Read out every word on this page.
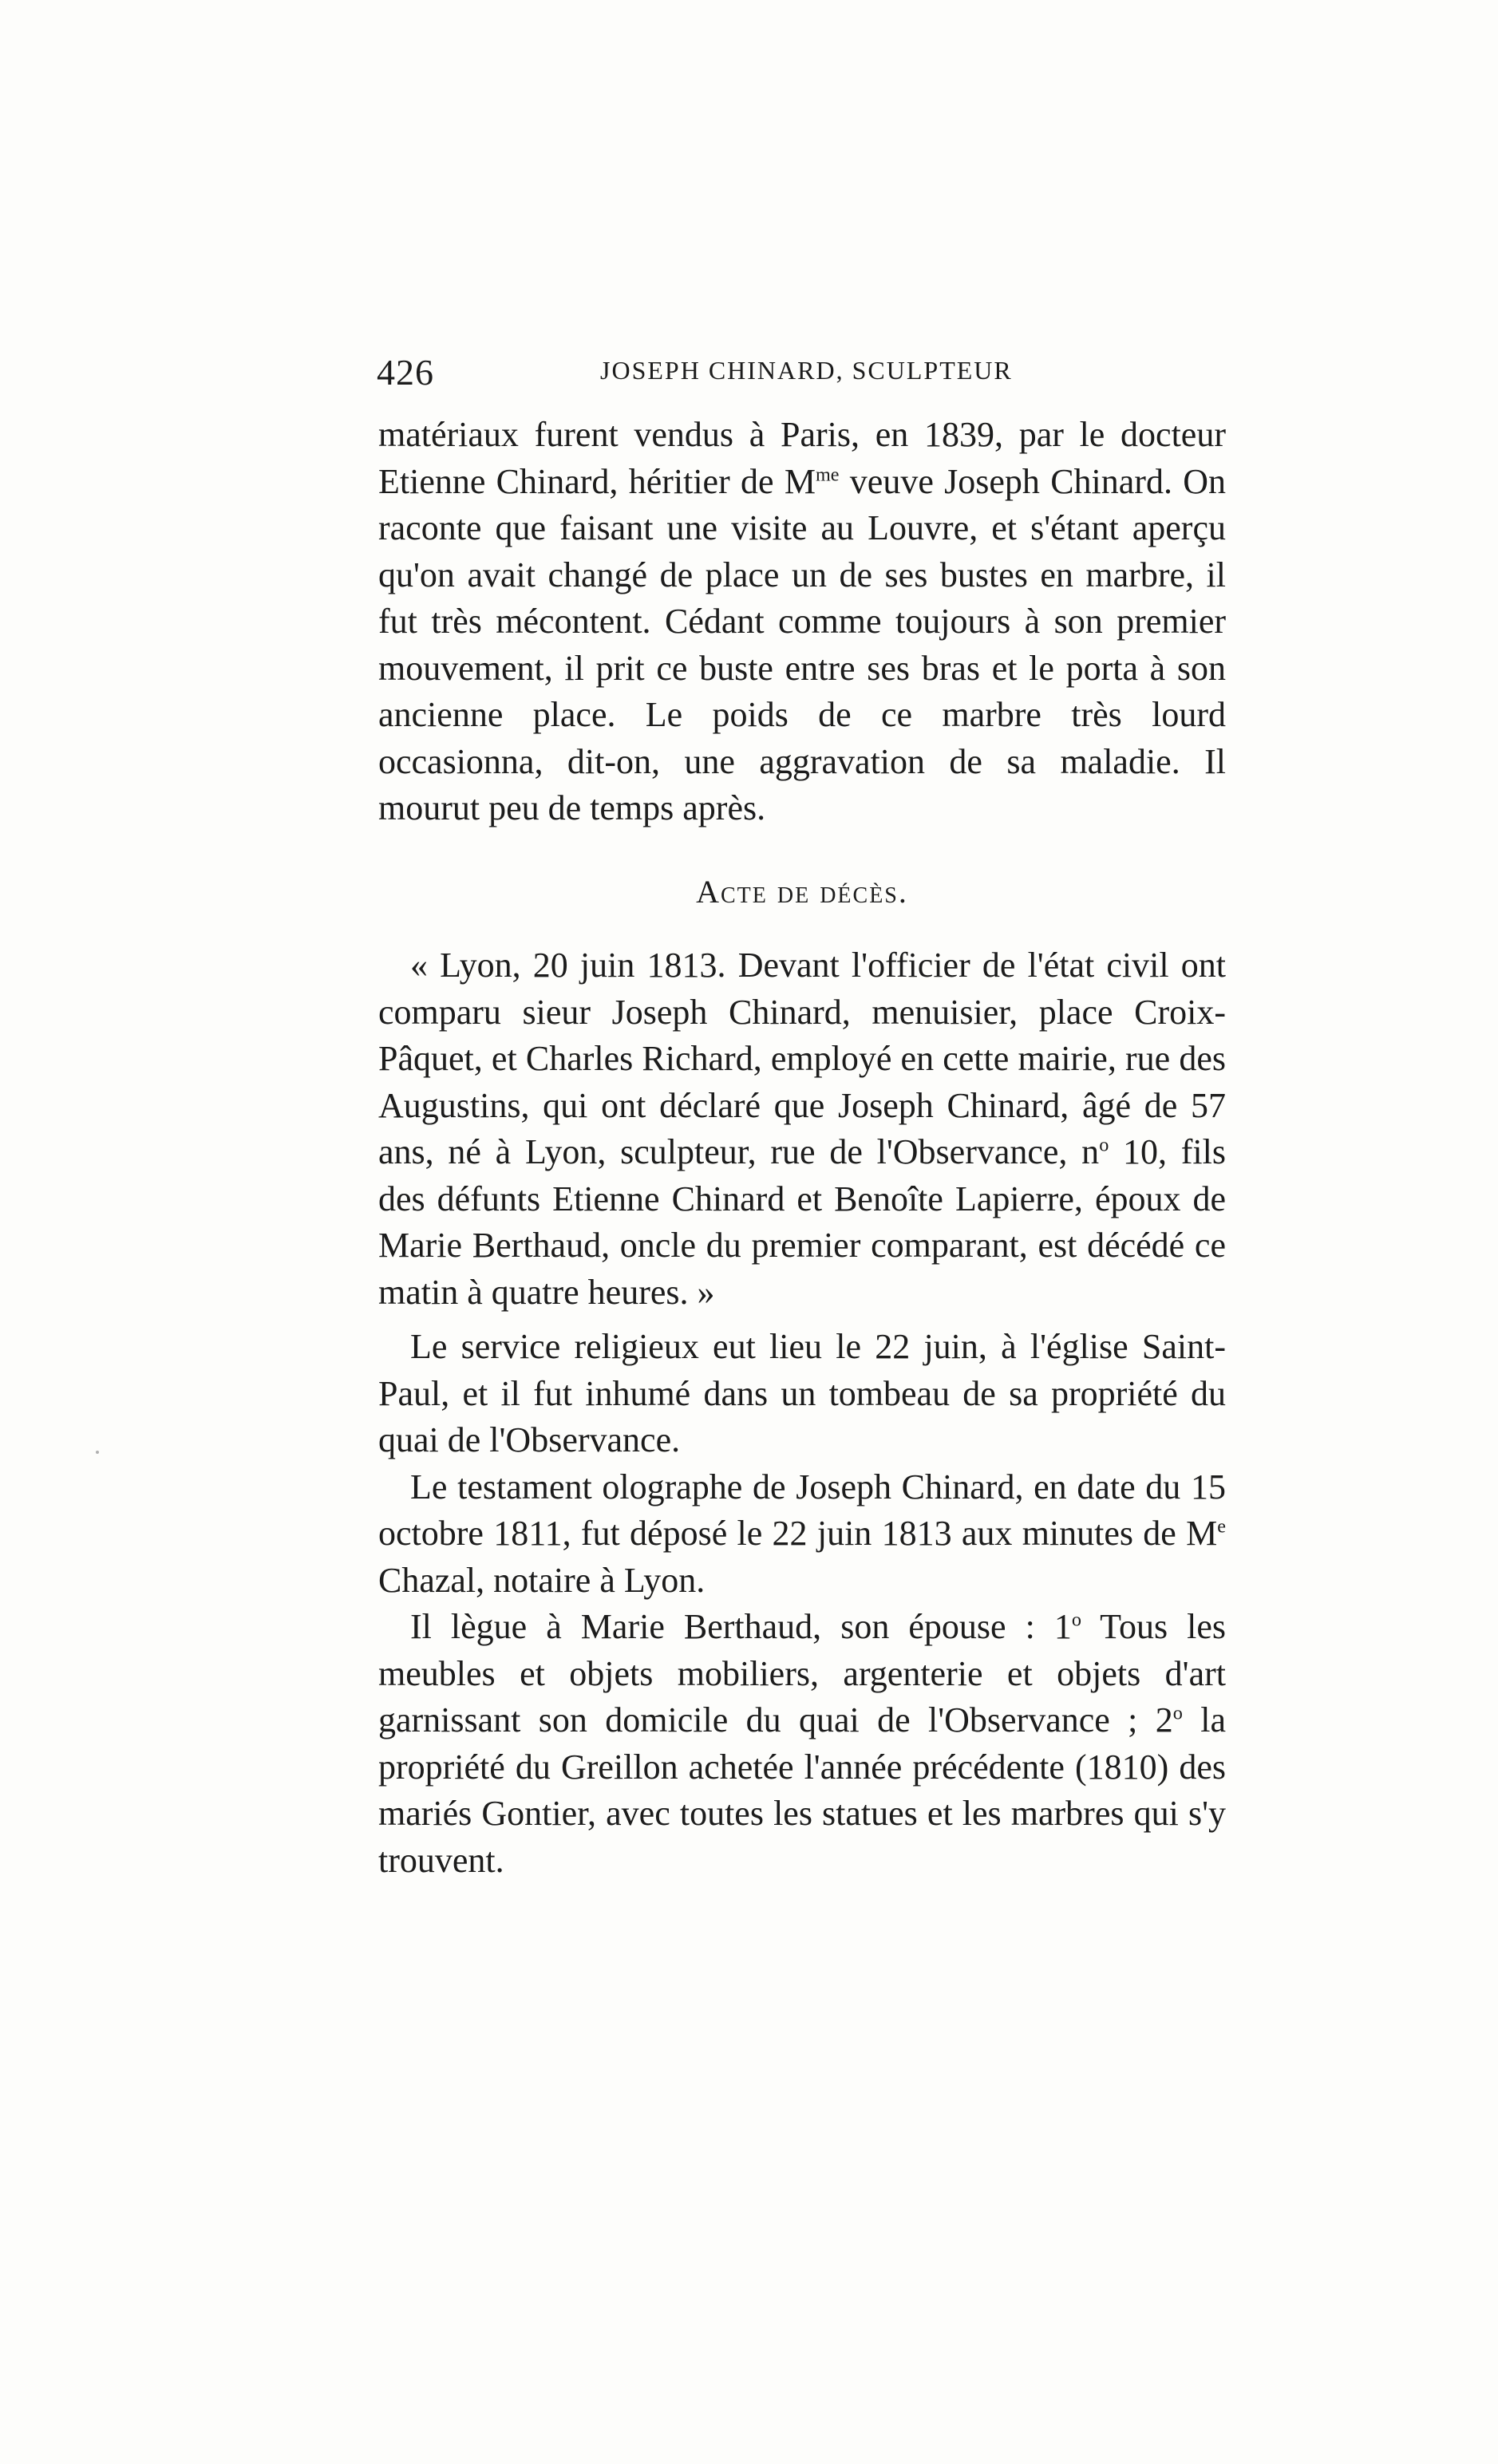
426	JOSEPH CHINARD, SCULPTEUR

matériaux furent vendus à Paris, en 1839, par le docteur Etienne Chinard, héritier de $M^{me}$ veuve Joseph Chinard. On raconte que faisant une visite au Louvre, et s'étant aperçu qu'on avait changé de place un de ses bustes en marbre, il fut très mécontent. Cédant comme toujours à son premier mouvement, il prit ce buste entre ses bras et le porta à son ancienne place. Le poids de ce marbre très lourd occasionna, dit-on, une aggravation de sa maladie. Il mourut peu de temps après.

Acte de décès.

« Lyon, 20 juin 1813. Devant l'officier de l'état civil ont comparu sieur Joseph Chinard, menuisier, place Croix-Pâquet, et Charles Richard, employé en cette mairie, rue des Augustins, qui ont déclaré que Joseph Chinard, âgé de 57 ans, né à Lyon, sculpteur, rue de l'Observance, $n^o$ 10, fils des défunts Etienne Chinard et Benoîte Lapierre, époux de Marie Berthaud, oncle du premier comparant, est décédé ce matin à quatre heures. »

Le service religieux eut lieu le 22 juin, à l'église Saint-Paul, et il fut inhumé dans un tombeau de sa propriété du quai de l'Observance.

Le testament olographe de Joseph Chinard, en date du 15 octobre 1811, fut déposé le 22 juin 1813 aux minutes de Me Chazal, notaire à Lyon.

Il lègue à Marie Berthaud, son épouse : 1$^o$ Tous les meubles et objets mobiliers, argenterie et objets d'art garnissant son domicile du quai de l'Observance ; 2$^o$ la propriété du Greillon achetée l'année précédente (1810) des mariés Gontier, avec toutes les statues et les marbres qui s'y trouvent.
